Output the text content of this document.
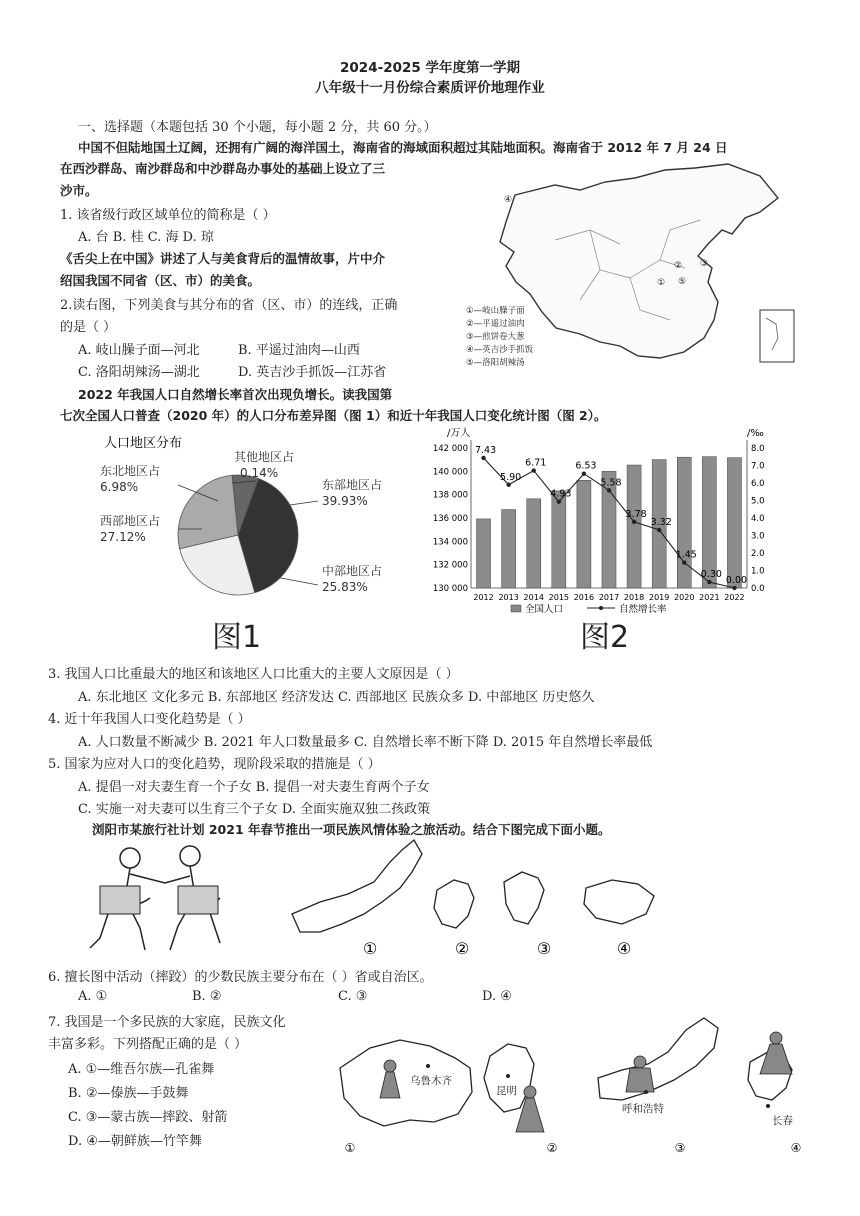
2024-2025 学年度第一学期
八年级十一月份综合素质评价地理作业
一、选择题（本题包括 30 个小题，每小题 2 分，共 60 分。）
中国不但陆地国土辽阔，还拥有广阔的海洋国土，海南省的海域面积超过其陆地面积。海南省于 2012 年 7 月 24 日
在西沙群岛、南沙群岛和中沙群岛办事处的基础上设立了三
沙市。
1. 该省级行政区域单位的简称是（ ）
A. 台 B. 桂 C. 海 D. 琼
《舌尖上在中国》讲述了人与美食背后的温情故事，片中介
绍国我国不同省（区、市）的美食。
2.读右图，下列美食与其分布的省（区、市）的连线，正确
的是（ ）
A. 岐山臊子面—河北	B. 平遥过油肉—山西
C. 洛阳胡辣汤—湖北	D. 英吉沙手抓饭—江苏省
④
①
② ③
⑤
①—岐山臊子面
②—平遥过油肉
③—煎饼卷大葱
④—英吉沙手抓饭
⑤—洛阳胡辣汤
2022 年我国人口自然增长率首次出现负增长。读我国第
七次全国人口普查（2020 年）的人口分布差异图（图 1）和近十年我国人口变化统计图（图 2）。
人口地区分布
东部地区占
39.93%
中部地区占
25.83%
西部地区占
27.12%
东北地区占
6.98%
其他地区占
0.14%
图1
/万人	/‰
130 000
132 000
134 000
136 000
138 000
140 000
142 000
0.0
1.0
2.0
3.0
4.0
5.0
6.0
7.0
8.0
2012 2013 2014 2015 2016 2017 2018 2019 2020 2021 2022
7.43
5.90
6.71
4.93
6.53
5.58
3.78
3.32
1.45
0.30
0.00
全国人口	自然增长率
图2
3. 我国人口比重最大的地区和该地区人口比重大的主要人文原因是（ ）
A. 东北地区 文化多元 B. 东部地区 经济发达 C. 西部地区 民族众多 D. 中部地区 历史悠久
4. 近十年我国人口变化趋势是（ ）
A. 人口数量不断减少 B. 2021 年人口数量最多 C. 自然增长率不断下降 D. 2015 年自然增长率最低
5. 国家为应对人口的变化趋势，现阶段采取的措施是（ ）
A. 提倡一对夫妻生育一个子女 B. 提倡一对夫妻生育两个子女
C. 实施一对夫妻可以生育三个子女 D. 全面实施双独二孩政策
浏阳市某旅行社计划 2021 年春节推出一项民族风情体验之旅活动。结合下图完成下面小题。
①	②	③	④
6. 擅长图中活动（摔跤）的少数民族主要分布在（ ）省或自治区。
A. ①	B. ②	C. ③	D. ④
7. 我国是一个多民族的大家庭，民族文化
丰富多彩。下列搭配正确的是（ ）
A. ①—维吾尔族—孔雀舞
B. ②—傣族—手鼓舞
C. ③—蒙古族—摔跤、射箭
D. ④—朝鲜族—竹竿舞
乌鲁木齐
昆明
呼和浩特
长春
①	②	③	④
